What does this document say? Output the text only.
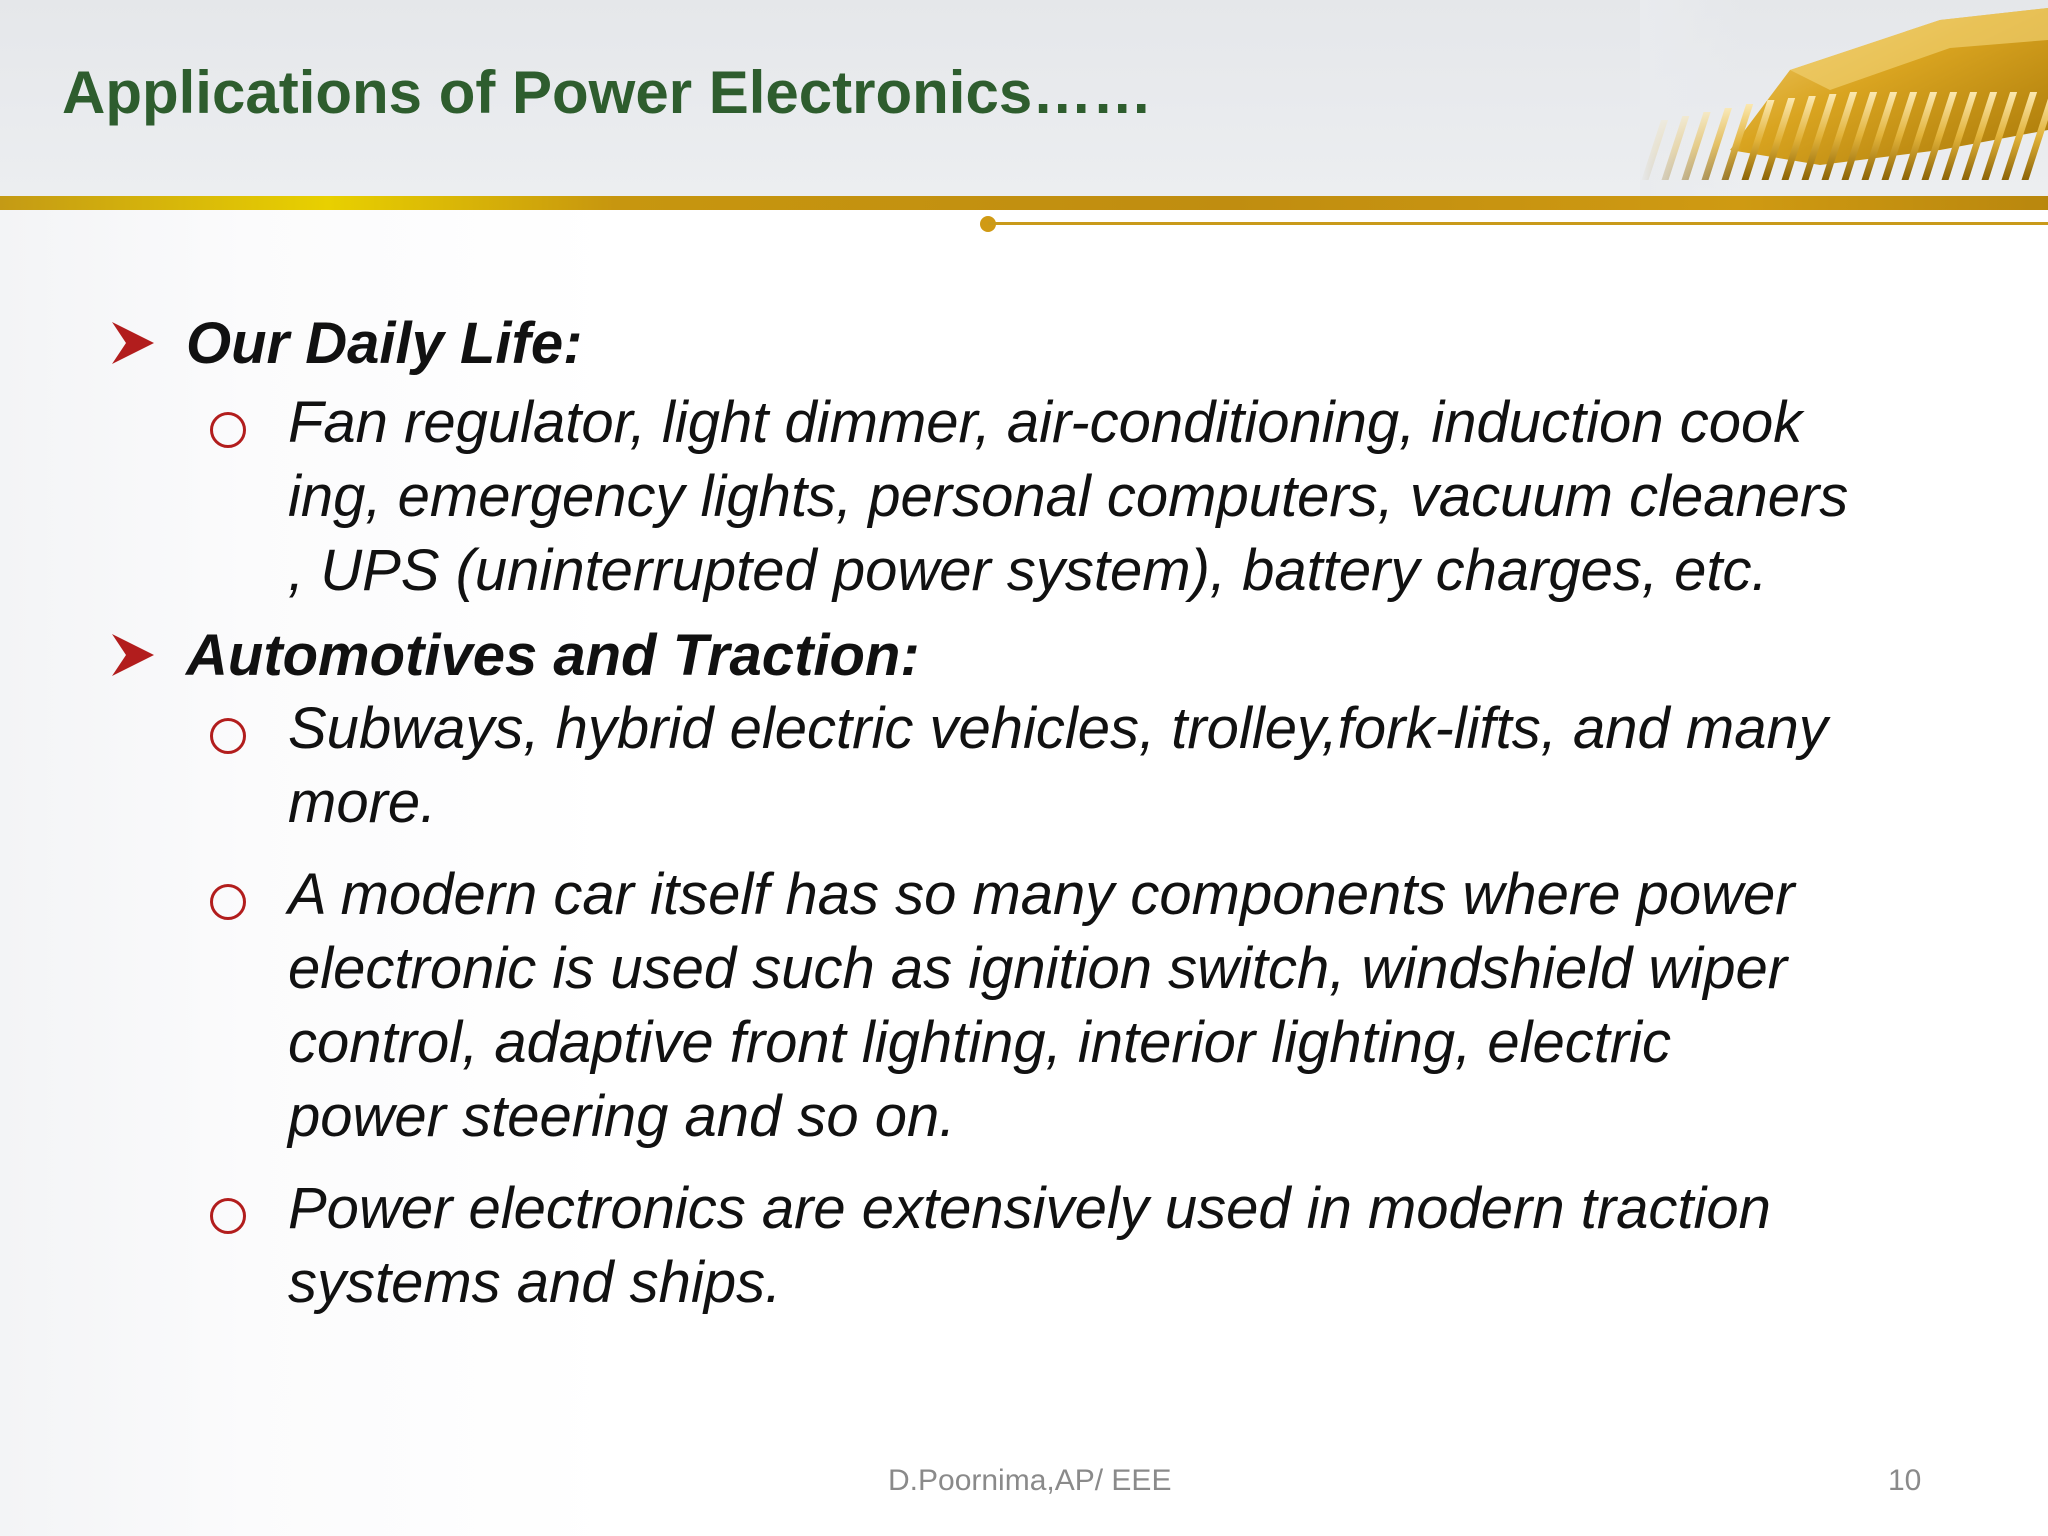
Applications of Power Electronics……
Our Daily Life:
Fan regulator, light dimmer, air-conditioning, induction cook
ing, emergency lights, personal computers, vacuum cleaners
, UPS (uninterrupted power system), battery charges, etc.
Automotives and Traction:
Subways, hybrid electric vehicles, trolley,fork-lifts, and many
more.
A modern car itself has so many components where power
electronic is used such as ignition switch, windshield wiper
control, adaptive front lighting, interior lighting, electric
power steering and so on.
Power electronics are extensively used in modern traction
systems and ships.
D.Poornima,AP/ EEE	10
